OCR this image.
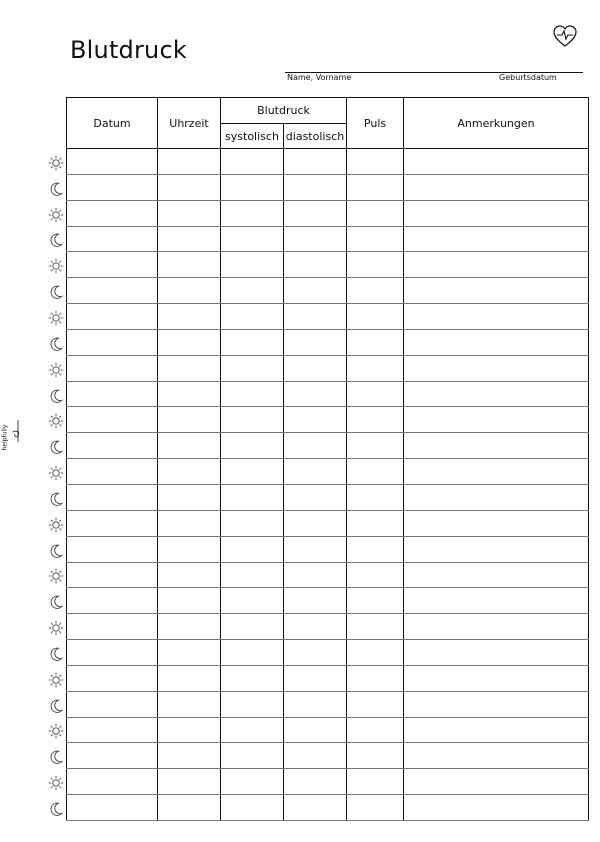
Blutdruck
Name, Vorname	Geburtsdatum
helpfully
Datum	Uhrzeit	Blutdruck		Puls	Anmerkungen
		systolisch	diastolisch		
